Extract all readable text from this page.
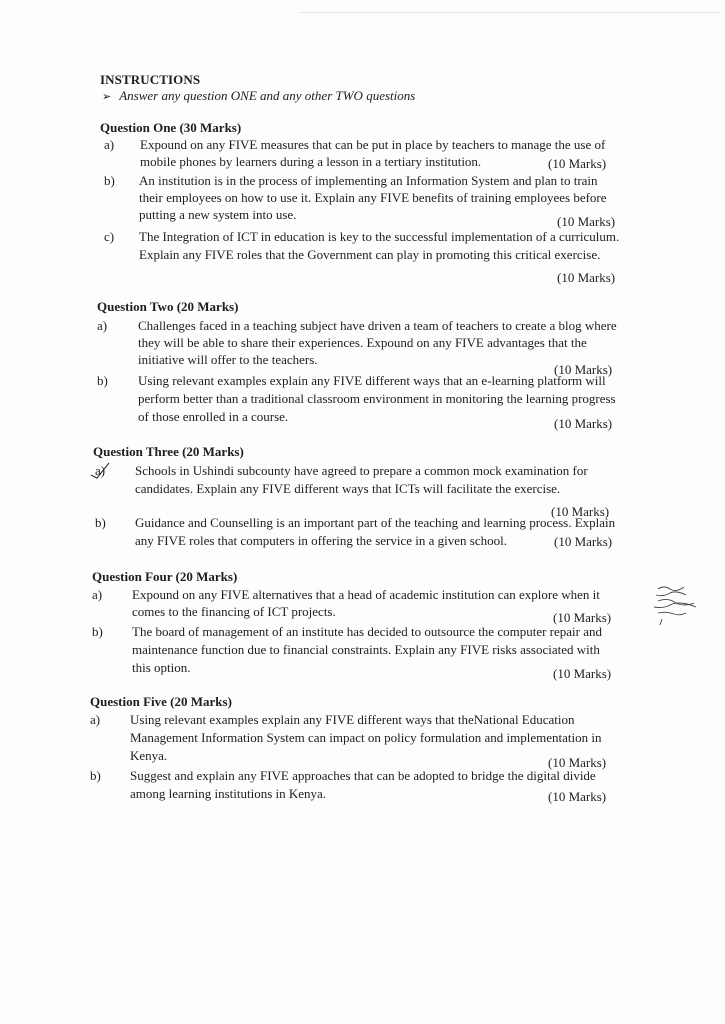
INSTRUCTIONS
➢ Answer any question ONE and any other TWO questions
Question One (30 Marks)
a) Expound on any FIVE measures that can be put in place by teachers to manage the use of
mobile phones by learners during a lesson in a tertiary institution.	(10 Marks)
b) An institution is in the process of implementing an Information System and plan to train
their employees on how to use it. Explain any FIVE benefits of training employees before
putting a new system into use.	(10 Marks)
c) The Integration of ICT in education is key to the successful implementation of a curriculum.
Explain any FIVE roles that the Government can play in promoting this critical exercise.
(10 Marks)
Question Two (20 Marks)
a) Challenges faced in a teaching subject have driven a team of teachers to create a blog where
they will be able to share their experiences. Expound on any FIVE advantages that the
initiative will offer to the teachers.
(10 Marks)
b) Using relevant examples explain any FIVE different ways that an e-learning platform will
perform better than a traditional classroom environment in monitoring the learning progress
of those enrolled in a course.	(10 Marks)
Question Three (20 Marks)
a) Schools in Ushindi subcounty have agreed to prepare a common mock examination for
candidates. Explain any FIVE different ways that ICTs will facilitate the exercise.
(10 Marks)
b) Guidance and Counselling is an important part of the teaching and learning process. Explain
any FIVE roles that computers in offering the service in a given school.	(10 Marks)
Question Four (20 Marks)
a) Expound on any FIVE alternatives that a head of academic institution can explore when it
comes to the financing of ICT projects.	(10 Marks)
b) The board of management of an institute has decided to outsource the computer repair and
maintenance function due to financial constraints. Explain any FIVE risks associated with
this option.	(10 Marks)
Question Five (20 Marks)
a) Using relevant examples explain any FIVE different ways that theNational Education
Management Information System can impact on policy formulation and implementation in
Kenya.	(10 Marks)
b) Suggest and explain any FIVE approaches that can be adopted to bridge the digital divide
among learning institutions in Kenya.	(10 Marks)
